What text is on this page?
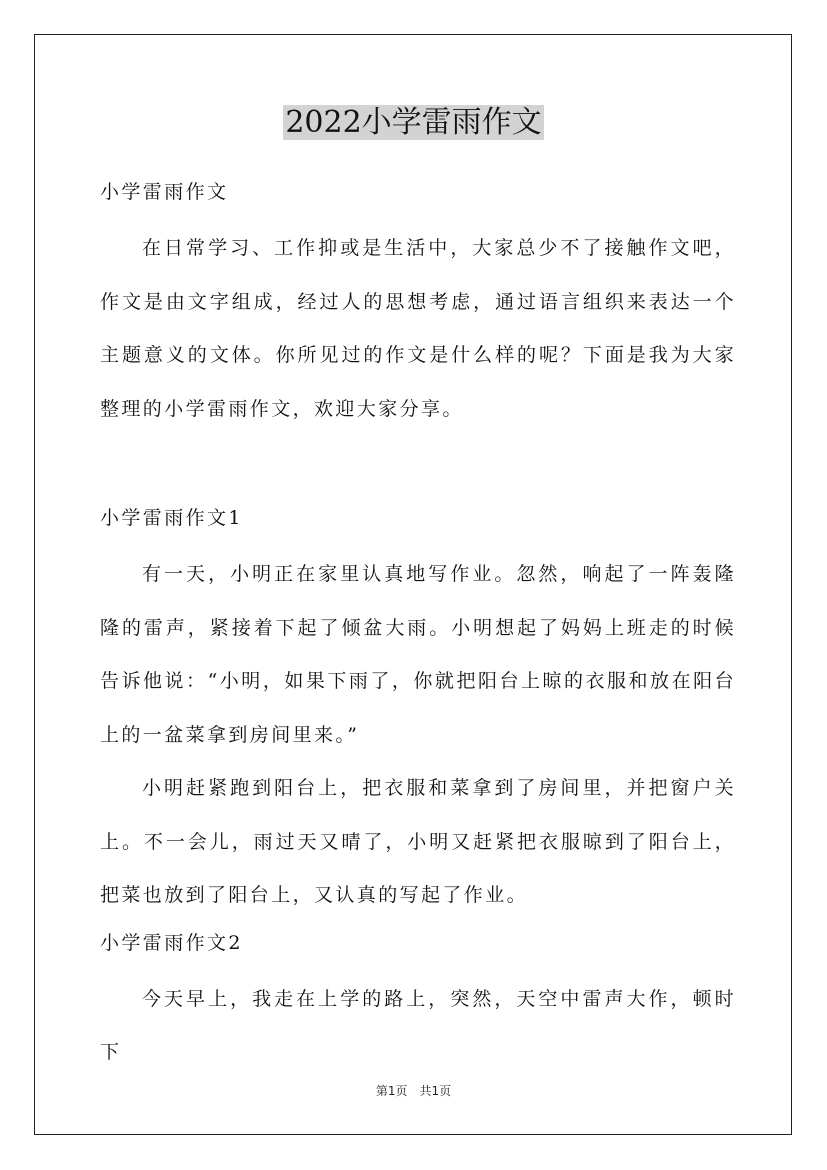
2022小学雷雨作文

小学雷雨作文

在日常学习、工作抑或是生活中，大家总少不了接触作文吧，作文是由文字组成，经过人的思想考虑，通过语言组织来表达一个主题意义的文体。你所见过的作文是什么样的呢？下面是我为大家整理的小学雷雨作文，欢迎大家分享。

小学雷雨作文1

有一天，小明正在家里认真地写作业。忽然，响起了一阵轰隆隆的雷声，紧接着下起了倾盆大雨。小明想起了妈妈上班走的时候告诉他说：“小明，如果下雨了，你就把阳台上晾的衣服和放在阳台上的一盆菜拿到房间里来。”

小明赶紧跑到阳台上，把衣服和菜拿到了房间里，并把窗户关上。不一会儿，雨过天又晴了，小明又赶紧把衣服晾到了阳台上，把菜也放到了阳台上，又认真的写起了作业。

小学雷雨作文2

今天早上，我走在上学的路上，突然，天空中雷声大作，顿时下

第1页　共1页
